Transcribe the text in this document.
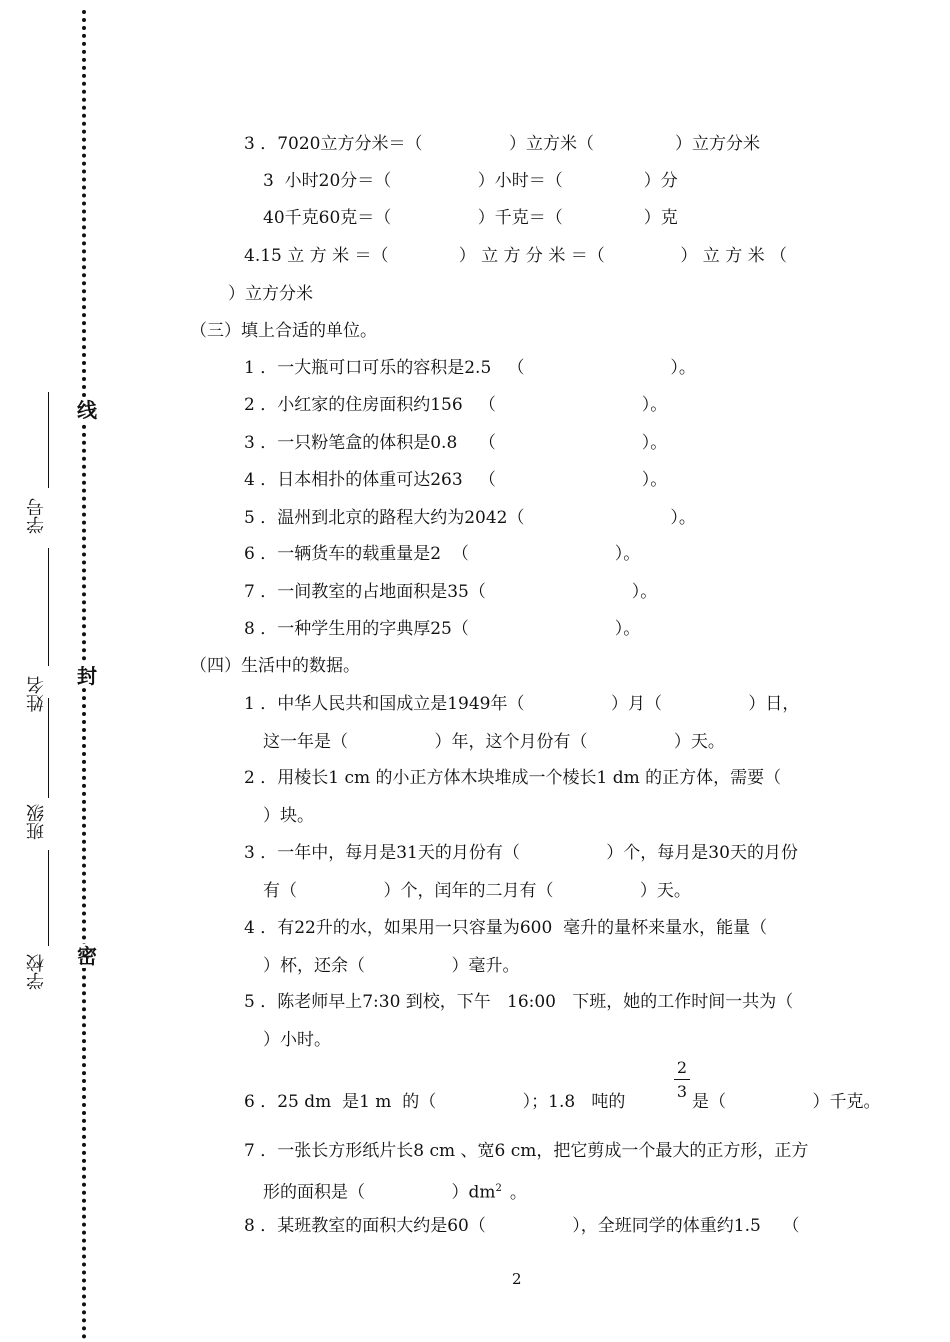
线
封
密
学号
姓名
班级
学校
3 ．7020立方分米＝（                ）立方米（               ）立方分米
3  小时20分＝（                ）小时＝（               ）分
40千克60克＝（                ）千克＝（               ）克
4.15 立 方 米 ＝（             ） 立 方 分 米 ＝（              ） 立 方 米 （
）立方分米
（三）填上合适的单位。
1 ．一大瓶可口可乐的容积是2.5   （                           ）。
2 ．小红家的住房面积约156   （                           ）。
3 ．一只粉笔盒的体积是0.8    （                           ）。
4 ．日本相扑的体重可达263   （                           ）。
5 ．温州到北京的路程大约为2042（                           ）。
6 ．一辆货车的载重量是2  （                           ）。
7 ．一间教室的占地面积是35（                           ）。
8 ．一种学生用的字典厚25（                           ）。
（四）生活中的数据。
1 ．中华人民共和国成立是1949年（                ）月（                ）日，
这一年是（                ）年，这个月份有（                ）天。
2 ．用棱长1 cm 的小正方体木块堆成一个棱长1 dm 的正方体，需要（
）块。
3 ．一年中，每月是31天的月份有（                ）个，每月是30天的月份
有（                ）个，闰年的二月有（                ）天。
4 ．有22升的水，如果用一只容量为600  毫升的量杯来量水，能量（
）杯，还余（                ）毫升。
5 ．陈老师早上7:30 到校，下午   16:00   下班，她的工作时间一共为（
）小时。
6 ．25 dm  是1 m  的（                ）；1.8   吨的
2
3
是（                ）千克。
7 ．一张长方形纸片长8 cm 、宽6 cm，把它剪成一个最大的正方形，正方
形的面积是（                ）$dm^2$ 。
8 ．某班教室的面积大约是60（                ），全班同学的体重约1.5    （
2
